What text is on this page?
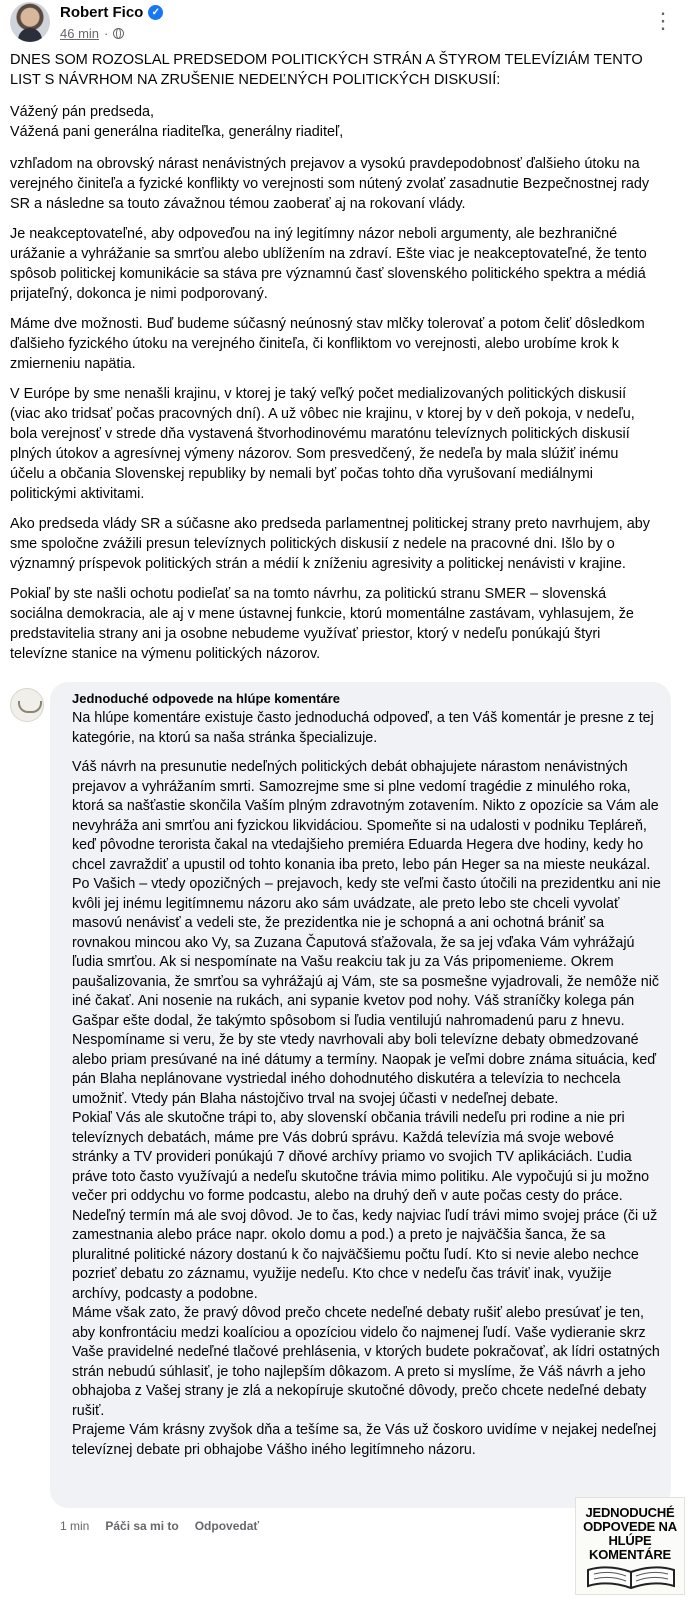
Robert Fico ✓
46 min ·
⋮

DNES SOM ROZOSLAL PREDSEDOM POLITICKÝCH STRÁN A ŠTYROM TELEVÍZIÁM TENTO LIST S NÁVRHOM NA ZRUŠENIE NEDEĽNÝCH POLITICKÝCH DISKUSIÍ:

Vážený pán predseda,
Vážená pani generálna riaditeľka, generálny riaditeľ,

vzhľadom na obrovský nárast nenávistných prejavov a vysokú pravdepodobnosť ďalšieho útoku na verejného činiteľa a fyzické konflikty vo verejnosti som nútený zvolať zasadnutie Bezpečnostnej rady SR a následne sa touto závažnou témou zaoberať aj na rokovaní vlády.

Je neakceptovateľné, aby odpoveďou na iný legitímny názor neboli argumenty, ale bezhraničné urážanie a vyhrážanie sa smrťou alebo ublížením na zdraví. Ešte viac je neakceptovateľné, že tento spôsob politickej komunikácie sa stáva pre významnú časť slovenského politického spektra a médiá prijateľný, dokonca je nimi podporovaný.

Máme dve možnosti. Buď budeme súčasný neúnosný stav mlčky tolerovať a potom čeliť dôsledkom ďalšieho fyzického útoku na verejného činiteľa, či konfliktom vo verejnosti, alebo urobíme krok k zmierneniu napätia.

V Európe by sme nenašli krajinu, v ktorej je taký veľký počet medializovaných politických diskusií (viac ako tridsať počas pracovných dní). A už vôbec nie krajinu, v ktorej by v deň pokoja, v nedeľu, bola verejnosť v strede dňa vystavená štvorhodinovému maratónu televíznych politických diskusií plných útokov a agresívnej výmeny názorov. Som presvedčený, že nedeľa by mala slúžiť inému účelu a občania Slovenskej republiky by nemali byť počas tohto dňa vyrušovaní mediálnymi politickými aktivitami.

Ako predseda vlády SR a súčasne ako predseda parlamentnej politickej strany preto navrhujem, aby sme spoločne zvážili presun televíznych politických diskusií z nedele na pracovné dni. Išlo by o významný príspevok politických strán a médií k zníženiu agresivity a politickej nenávisti v krajine.

Pokiaľ by ste našli ochotu podieľať sa na tomto návrhu, za politickú stranu SMER – slovenská sociálna demokracia, ale aj v mene ústavnej funkcie, ktorú momentálne zastávam, vyhlasujem, že predstavitelia strany ani ja osobne nebudeme využívať priestor, ktorý v nedeľu ponúkajú štyri televízne stanice na výmenu politických názorov.

Jednoduché odpovede na hlúpe komentáre

Na hlúpe komentáre existuje často jednoduchá odpoveď, a ten Váš komentár je presne z tej kategórie, na ktorú sa naša stránka špecializuje.

Váš návrh na presunutie nedeľných politických debát obhajujete nárastom nenávistných prejavov a vyhrážaním smrti. Samozrejme sme si plne vedomí tragédie z minulého roka, ktorá sa našťastie skončila Vaším plným zdravotným zotavením. Nikto z opozície sa Vám ale nevyhráža ani smrťou ani fyzickou likvidáciou. Spomeňte si na udalosti v podniku Tepláreň, keď pôvodne terorista čakal na vtedajšieho premiéra Eduarda Hegera dve hodiny, kedy ho chcel zavraždiť a upustil od tohto konania iba preto, lebo pán Heger sa na mieste neukázal. Po Vašich – vtedy opozičných – prejavoch, kedy ste veľmi často útočili na prezidentku ani nie kvôli jej inému legitímnemu názoru ako sám uvádzate, ale preto lebo ste chceli vyvolať masovú nenávisť a vedeli ste, že prezidentka nie je schopná a ani ochotná brániť sa rovnakou mincou ako Vy, sa Zuzana Čaputová sťažovala, že sa jej vďaka Vám vyhrážajú ľudia smrťou. Ak si nespomínate na Vašu reakciu tak ju za Vás pripomenieme. Okrem paušalizovania, že smrťou sa vyhrážajú aj Vám, ste sa posmešne vyjadrovali, že nemôže nič iné čakať. Ani nosenie na rukách, ani sypanie kvetov pod nohy. Váš straníčky kolega pán Gašpar ešte dodal, že takýmto spôsobom si ľudia ventilujú nahromadenú paru z hnevu. Nespomíname si veru, že by ste vtedy navrhovali aby boli televízne debaty obmedzované alebo priam presúvané na iné dátumy a termíny. Naopak je veľmi dobre známa situácia, keď pán Blaha neplánovane vystriedal iného dohodnutého diskutéra a televízia to nechcela umožniť. Vtedy pán Blaha nástojčivo trval na svojej účasti v nedeľnej debate.

Pokiaľ Vás ale skutočne trápi to, aby slovenskí občania trávili nedeľu pri rodine a nie pri televíznych debatách, máme pre Vás dobrú správu. Každá televízia má svoje webové stránky a TV provideri ponúkajú 7 dňové archívy priamo vo svojich TV aplikáciách. Ľudia práve toto často využívajú a nedeľu skutočne trávia mimo politiku. Ale vypočujú si ju možno večer pri oddychu vo forme podcastu, alebo na druhý deň v aute počas cesty do práce. Nedeľný termín má ale svoj dôvod. Je to čas, kedy najviac ľudí trávi mimo svojej práce (či už zamestnania alebo práce napr. okolo domu a pod.) a preto je najväčšia šanca, že sa pluralitné politické názory dostanú k čo najväčšiemu počtu ľudí. Kto si nevie alebo nechce pozrieť debatu zo záznamu, využije nedeľu. Kto chce v nedeľu čas tráviť inak, využije archívy, podcasty a podobne.

Máme však zato, že pravý dôvod prečo chcete nedeľné debaty rušiť alebo presúvať je ten, aby konfrontáciu medzi koalíciou a opozíciou videlo čo najmenej ľudí. Vaše vydieranie skrz Vaše pravidelné nedeľné tlačové prehlásenia, v ktorých budete pokračovať, ak lídri ostatných strán nebudú súhlasiť, je toho najlepším dôkazom. A preto si myslíme, že Váš návrh a jeho obhajoba z Vašej strany je zlá a nekopíruje skutočné dôvody, prečo chcete nedeľné debaty rušiť.

Prajeme Vám krásny zvyšok dňa a tešíme sa, že Vás už čoskoro uvidíme v nejakej nedeľnej televíznej debate pri obhajobe Vášho iného legitímneho názoru.

1 min Páči sa mi to Odpovedať
JEDNODUCHÉ ODPOVEDE NA HLÚPE KOMENTÁRE
